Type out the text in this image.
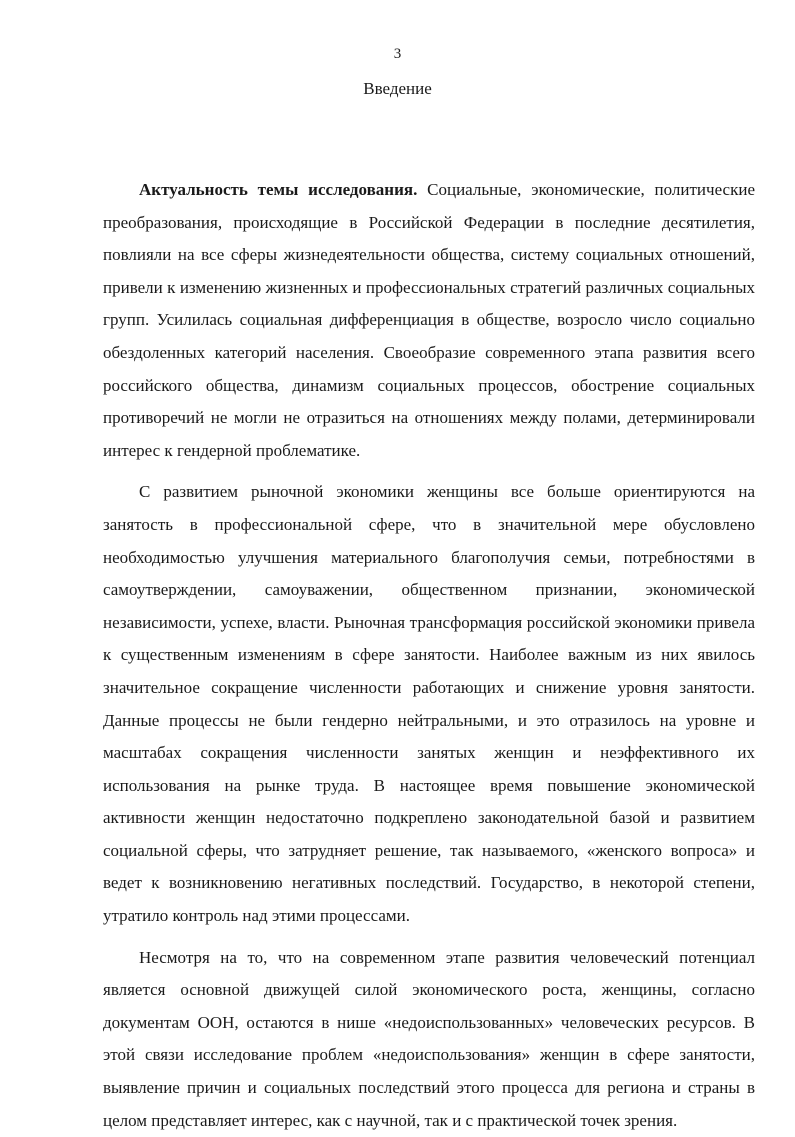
3
Введение

Актуальность темы исследования. Социальные, экономические, политические преобразования, происходящие в Российской Федерации в последние десятилетия, повлияли на все сферы жизнедеятельности общества, систему социальных отношений, привели к изменению жизненных и профессиональных стратегий различных социальных групп. Усилилась социальная дифференциация в обществе, возросло число социально обездоленных категорий населения. Своеобразие современного этапа развития всего российского общества, динамизм социальных процессов, обострение социальных противоречий не могли не отразиться на отношениях между полами, детерминировали интерес к гендерной проблематике.

С развитием рыночной экономики женщины все больше ориентируются на занятость в профессиональной сфере, что в значительной мере обусловлено необходимостью улучшения материального благополучия семьи, потребностями в самоутверждении, самоуважении, общественном признании, экономической независимости, успехе, власти. Рыночная трансформация российской экономики привела к существенным изменениям в сфере занятости. Наиболее важным из них явилось значительное сокращение численности работающих и снижение уровня занятости. Данные процессы не были гендерно нейтральными, и это отразилось на уровне и масштабах сокращения численности занятых женщин и неэффективного их использования на рынке труда. В настоящее время повышение экономической активности женщин недостаточно подкреплено законодательной базой и развитием социальной сферы, что затрудняет решение, так называемого, «женского вопроса» и ведет к возникновению негативных последствий. Государство, в некоторой степени, утратило контроль над этими процессами.

Несмотря на то, что на современном этапе развития человеческий потенциал является основной движущей силой экономического роста, женщины, согласно документам ООН, остаются в нише «недоиспользованных» человеческих ресурсов. В этой связи исследование проблем «недоиспользования» женщин в сфере занятости, выявление причин и социальных последствий этого процесса для региона и страны в целом представляет интерес, как с научной, так и с практической точек зрения.
